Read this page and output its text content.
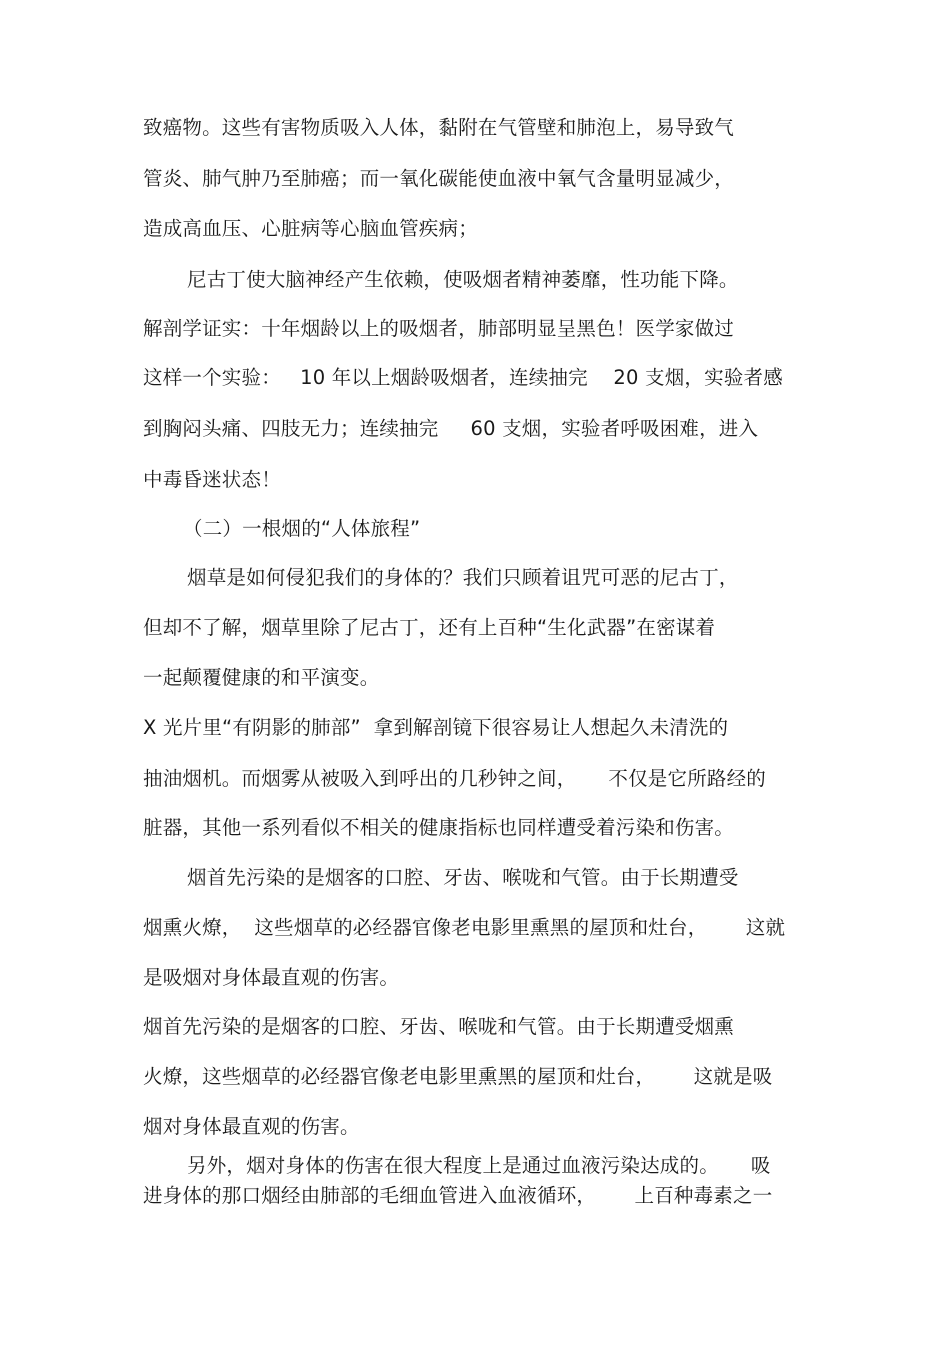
致癌物。这些有害物质吸入人体，黏附在气管壁和肺泡上，易导致气
管炎、肺气肿乃至肺癌；而一氧化碳能使血液中氧气含量明显减少，
造成高血压、心脏病等心脑血管疾病；
尼古丁使大脑神经产生依赖，使吸烟者精神萎靡，性功能下降。
解剖学证实：十年烟龄以上的吸烟者，肺部明显呈黑色！医学家做过
这样一个实验：   10 年以上烟龄吸烟者，连续抽完    20 支烟，实验者感
到胸闷头痛、四肢无力；连续抽完     60 支烟，实验者呼吸困难，进入
中毒昏迷状态！
（二）一根烟的“人体旅程”
烟草是如何侵犯我们的身体的？我们只顾着诅咒可恶的尼古丁，
但却不了解，烟草里除了尼古丁，还有上百种“生化武器”在密谋着
一起颠覆健康的和平演变。
X 光片里“有阴影的肺部”  拿到解剖镜下很容易让人想起久未清洗的
抽油烟机。而烟雾从被吸入到呼出的几秒钟之间，     不仅是它所路经的
脏器，其他一系列看似不相关的健康指标也同样遭受着污染和伤害。
烟首先污染的是烟客的口腔、牙齿、喉咙和气管。由于长期遭受
烟熏火燎，  这些烟草的必经器官像老电影里熏黑的屋顶和灶台，      这就
是吸烟对身体最直观的伤害。
烟首先污染的是烟客的口腔、牙齿、喉咙和气管。由于长期遭受烟熏
火燎，这些烟草的必经器官像老电影里熏黑的屋顶和灶台，      这就是吸
烟对身体最直观的伤害。
另外，烟对身体的伤害在很大程度上是通过血液污染达成的。     吸
进身体的那口烟经由肺部的毛细血管进入血液循环，      上百种毒素之一
